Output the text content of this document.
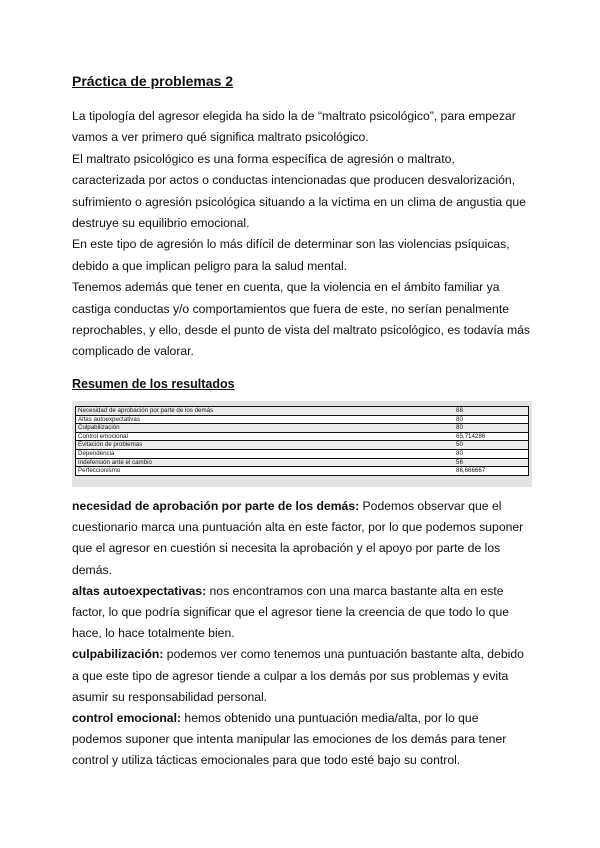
Práctica de problemas 2

La tipología del agresor elegida ha sido la de “maltrato psicológico”, para empezar

vamos a ver primero qué significa maltrato psicológico.

El maltrato psicológico es una forma específica de agresión o maltrato,

caracterizada por actos o conductas intencionadas que producen desvalorización,

sufrimiento o agresión psicológica situando a la víctima en un clima de angustia que

destruye su equilibrio emocional.

En este tipo de agresión lo más difícil de determinar son las violencias psíquicas,

debido a que implican peligro para la salud mental.

Tenemos además que tener en cuenta, que la violencia en el ámbito familiar ya

castiga conductas y/o comportamientos que fuera de este, no serían penalmente

reprochables, y ello, desde el punto de vista del maltrato psicológico, es todavía más

complicado de valorar.

Resumen de los resultados
Necesidad de aprobación por parte de los demás	88
Altas autoexpectativas	80
Culpabilización	80
Control emocional	65,714286
Evitación de problemas	50
Dependencia	80
Indefensión ante el cambio	56
Perfeccionismo	86,666667

necesidad de aprobación por parte de los demás: Podemos observar que el
cuestionario marca una puntuación alta en este factor, por lo que podemos suponer
que el agresor en cuestión si necesita la aprobación y el apoyo por parte de los
demás.

altas autoexpectativas: nos encontramos con una marca bastante alta en este
factor, lo que podría significar que el agresor tiene la creencia de que todo lo que
hace, lo hace totalmente bien.

culpabilización: podemos ver como tenemos una puntuación bastante alta, debido
a que este tipo de agresor tiende a culpar a los demás por sus problemas y evita
asumir su responsabilidad personal.

control emocional: hemos obtenido una puntuación media/alta, por lo que
podemos suponer que intenta manipular las emociones de los demás para tener
control y utiliza tácticas emocionales para que todo esté bajo su control.
